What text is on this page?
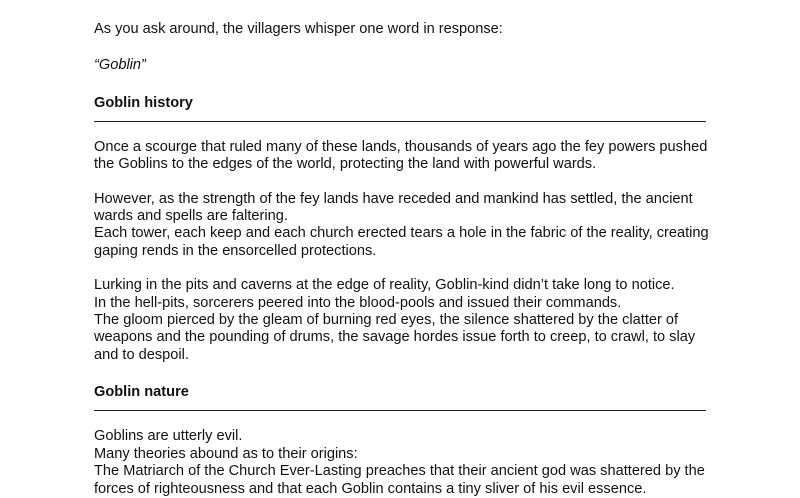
As you ask around, the villagers whisper one word in response:

“Goblin”

Goblin history

Once a scourge that ruled many of these lands, thousands of years ago the fey powers pushed
the Goblins to the edges of the world, protecting the land with powerful wards.

However, as the strength of the fey lands have receded and mankind has settled, the ancient
wards and spells are faltering.
Each tower, each keep and each church erected tears a hole in the fabric of the reality, creating
gaping rends in the ensorcelled protections.

Lurking in the pits and caverns at the edge of reality, Goblin-kind didn’t take long to notice.
In the hell-pits, sorcerers peered into the blood-pools and issued their commands.
The gloom pierced by the gleam of burning red eyes, the silence shattered by the clatter of
weapons and the pounding of drums, the savage hordes issue forth to creep, to crawl, to slay
and to despoil.

Goblin nature

Goblins are utterly evil.
Many theories abound as to their origins:
The Matriarch of the Church Ever-Lasting preaches that their ancient god was shattered by the
forces of righteousness and that each Goblin contains a tiny sliver of his evil essence.
